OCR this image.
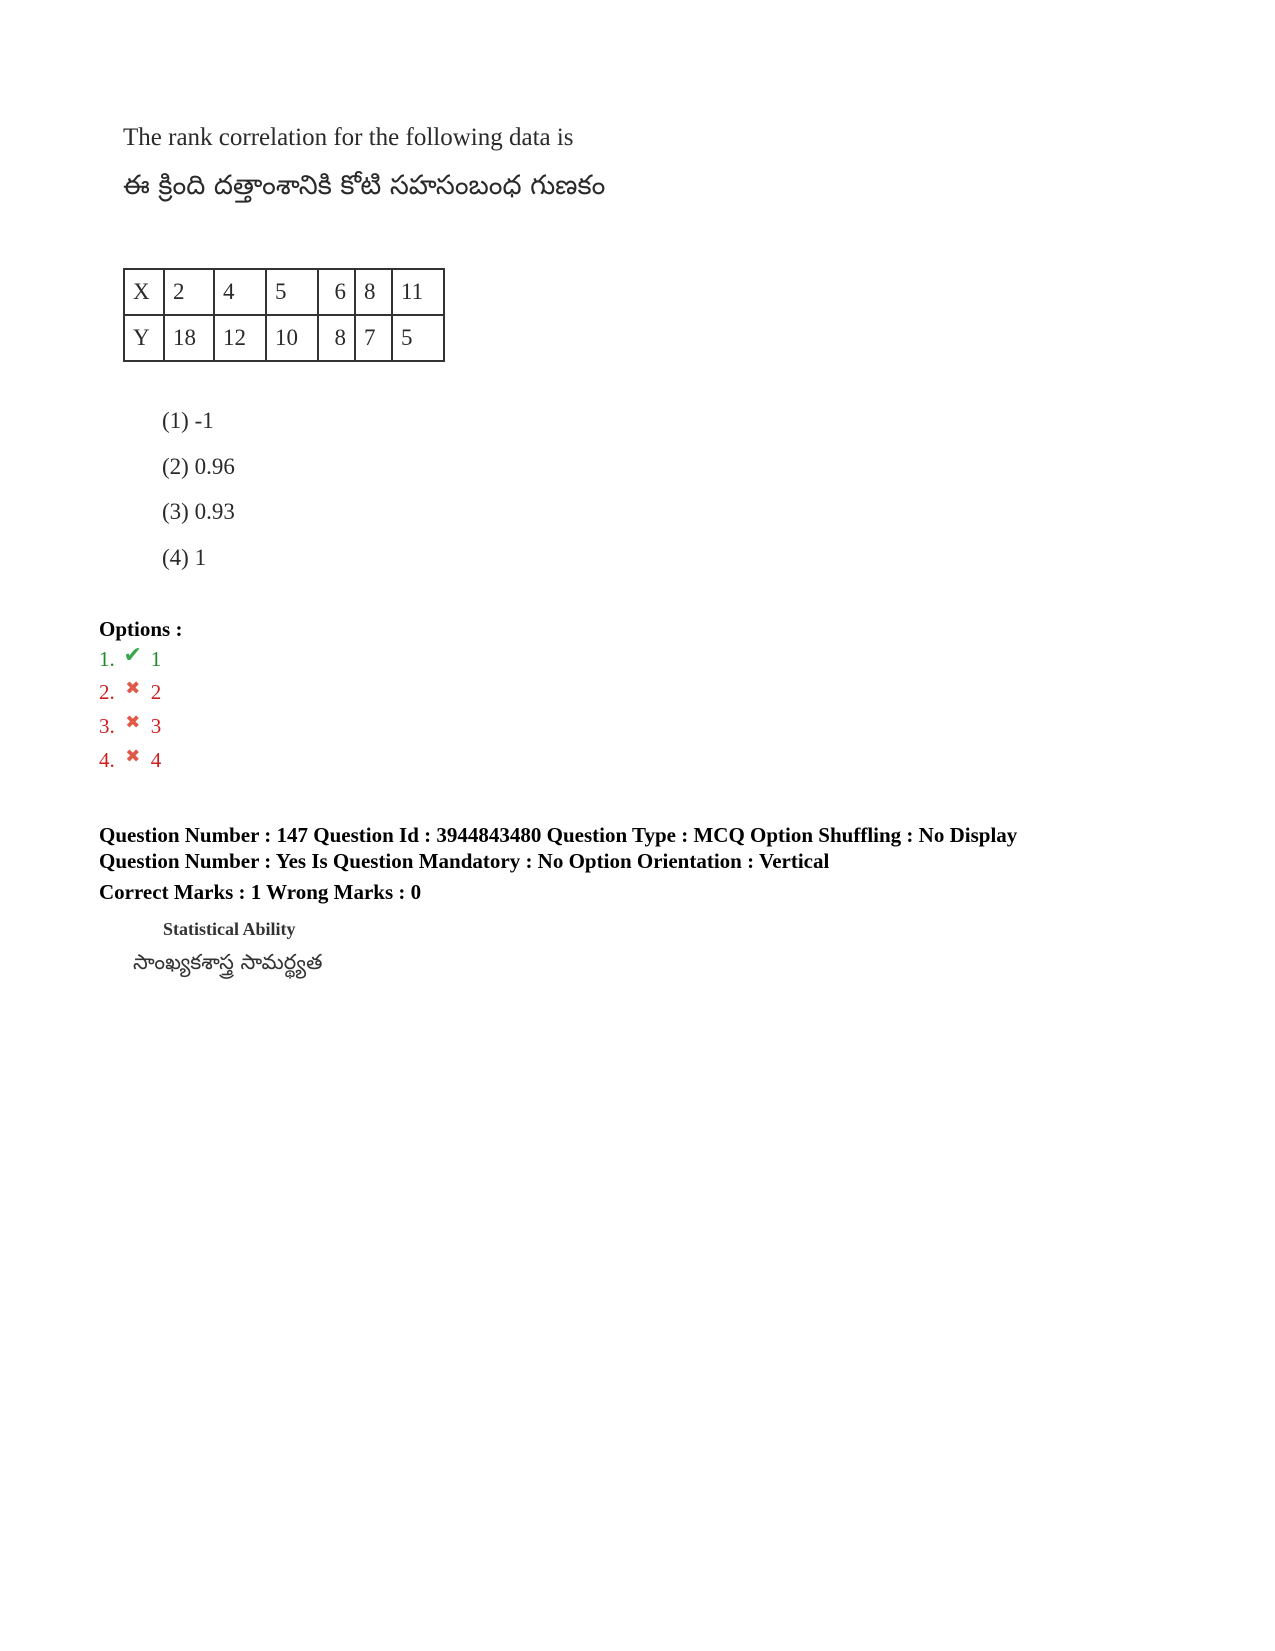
The rank correlation for the following data is
ఈ క్రింది దత్తాంశానికి కోటి సహసంబంధ గుణకం
X	2	4	5	6	8	11
Y	18	12	10	8	7	5
(1) -1
(2) 0.96
(3) 0.93
(4) 1
Options :
1. ✔ 1
2. ✖ 2
3. ✖ 3
4. ✖ 4
Question Number : 147 Question Id : 3944843480 Question Type : MCQ Option Shuffling : No Display
Question Number : Yes Is Question Mandatory : No Option Orientation : Vertical
Correct Marks : 1 Wrong Marks : 0
Statistical Ability
సాంఖ్యకశాస్త్ర సామర్థ్యత
